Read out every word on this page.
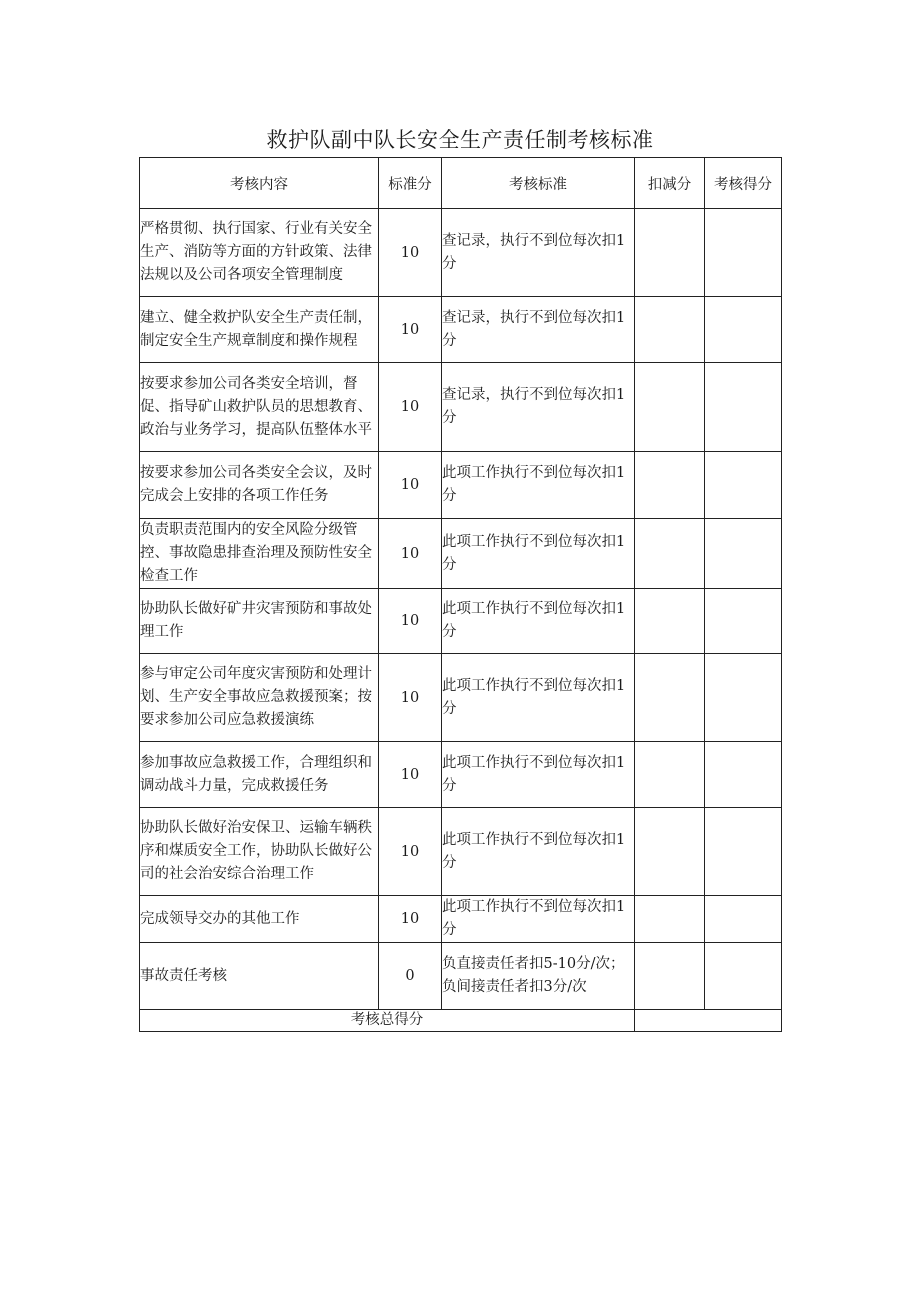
救护队副中队长安全生产责任制考核标准
考核内容	标准分	考核标准	扣减分	考核得分
严格贯彻、执行国家、行业有关安全生产、消防等方面的方针政策、法律法规以及公司各项安全管理制度	10	查记录，执行不到位每次扣1分		
建立、健全救护队安全生产责任制，制定安全生产规章制度和操作规程	10	查记录，执行不到位每次扣1分		
按要求参加公司各类安全培训，督促、指导矿山救护队员的思想教育、政治与业务学习，提高队伍整体水平	10	查记录，执行不到位每次扣1分		
按要求参加公司各类安全会议，及时完成会上安排的各项工作任务	10	此项工作执行不到位每次扣1分		
负责职责范围内的安全风险分级管控、事故隐患排查治理及预防性安全检查工作	10	此项工作执行不到位每次扣1分		
协助队长做好矿井灾害预防和事故处理工作	10	此项工作执行不到位每次扣1分		
参与审定公司年度灾害预防和处理计划、生产安全事故应急救援预案；按要求参加公司应急救援演练	10	此项工作执行不到位每次扣1分		
参加事故应急救援工作，合理组织和调动战斗力量，完成救援任务	10	此项工作执行不到位每次扣1分		
协助队长做好治安保卫、运输车辆秩序和煤质安全工作，协助队长做好公司的社会治安综合治理工作	10	此项工作执行不到位每次扣1分		
完成领导交办的其他工作	10	此项工作执行不到位每次扣1分		
事故责任考核	0	负直接责任者扣5-10分/次；负间接责任者扣3分/次		
考核总得分				
